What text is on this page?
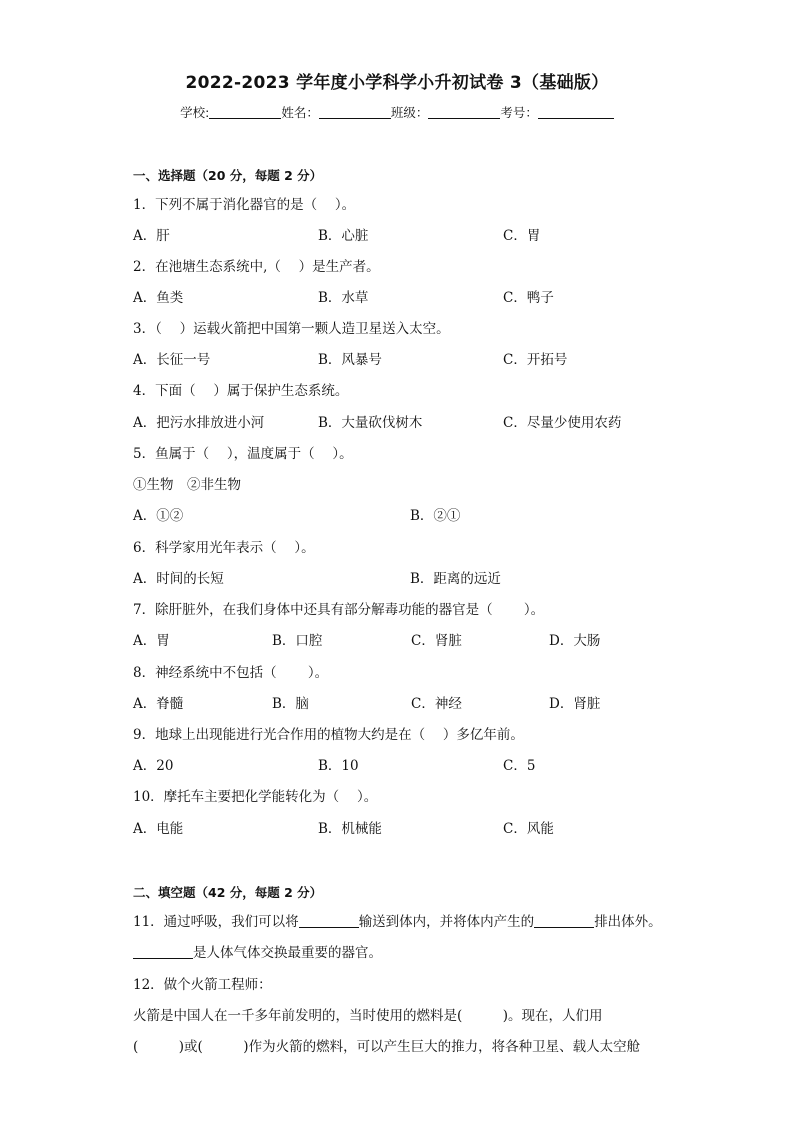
2022-2023 学年度小学科学小升初试卷 3（基础版）
学校:	姓名：	班级：	考号：
一、选择题（20 分，每题 2 分）
1．下列不属于消化器官的是（　 ）。
A．肝	B．心脏	C．胃
2．在池塘生态系统中,（　 ）是生产者。
A．鱼类	B．水草	C．鸭子
3．（　 ）运载火箭把中国第一颗人造卫星送入太空。
A．长征一号	B．风暴号	C．开拓号
4．下面（　 ）属于保护生态系统。
A．把污水排放进小河	B．大量砍伐树木	C．尽量少使用农药
5．鱼属于（　 ），温度属于（　 ）。
①生物　②非生物
A．①②	B．②①
6．科学家用光年表示（　 ）。
A．时间的长短	B．距离的远近
7．除肝脏外，在我们身体中还具有部分解毒功能的器官是（　　 ）。
A．胃	B．口腔	C．肾脏	D．大肠
8．神经系统中不包括（　　 ）。
A．脊髓	B．脑	C．神经	D．肾脏
9．地球上出现能进行光合作用的植物大约是在（　 ）多亿年前。
A．20	B．10	C．5
10．摩托车主要把化学能转化为（　 ）。
A．电能	B．机械能	C．风能
二、填空题（42 分，每题 2 分）
11．通过呼吸，我们可以将	输送到体内，并将体内产生的	排出体外。
是人体气体交换最重要的器官。
12．做个火箭工程师：
火箭是中国人在一千多年前发明的，当时使用的燃料是(　　　)。现在，人们用
(　　　)或(　　　)作为火箭的燃料，可以产生巨大的推力，将各种卫星、载人太空舱
